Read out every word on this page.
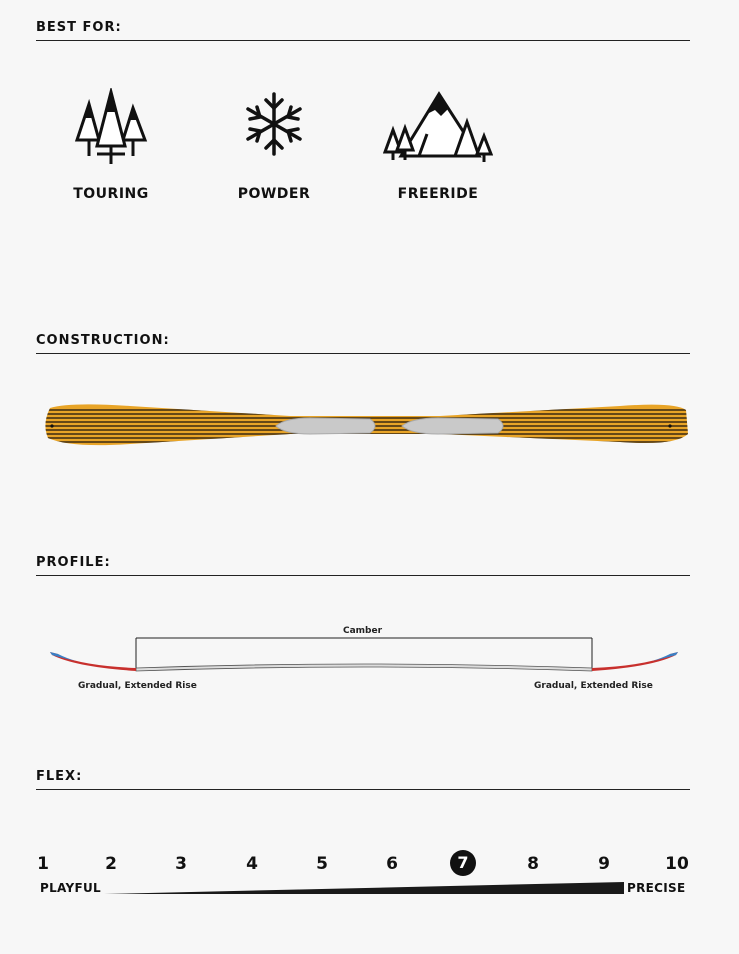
BEST FOR:
TOURING	POWDER	FREERIDE
CONSTRUCTION:
PROFILE:
Camber
Gradual, Extended Rise	Gradual, Extended Rise
FLEX:
1	2	3	4	5	6	7	8	9	10
PLAYFUL	PRECISE
